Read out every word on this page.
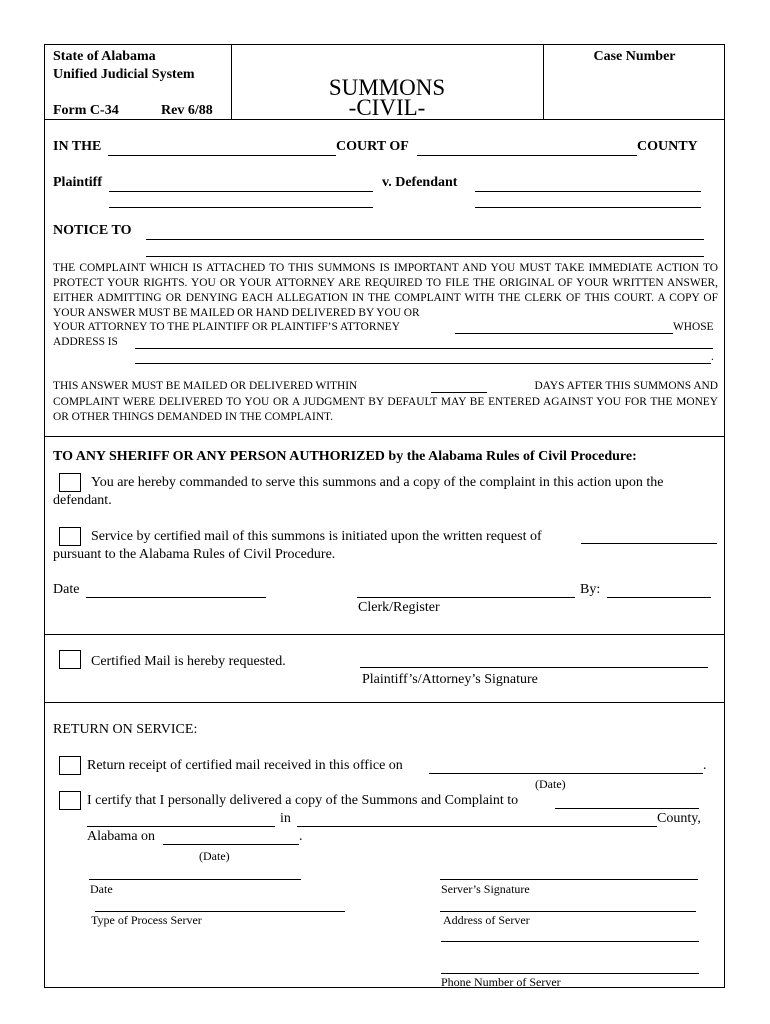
State of Alabama
Unified Judicial System
Form C-34	Rev 6/88
SUMMONS
-CIVIL-
Case Number
IN THE	COURT OF	COUNTY
Plaintiff	v. Defendant
NOTICE TO
THE COMPLAINT WHICH IS ATTACHED TO THIS SUMMONS IS IMPORTANT AND YOU MUST TAKE IMMEDIATE ACTION TO PROTECT YOUR RIGHTS. YOU OR YOUR ATTORNEY ARE REQUIRED TO FILE THE ORIGINAL OF YOUR WRITTEN ANSWER, EITHER ADMITTING OR DENYING EACH ALLEGATION IN THE COMPLAINT WITH THE CLERK OF THIS COURT. A COPY OF YOUR ANSWER MUST BE MAILED OR HAND DELIVERED BY YOU OR
YOUR ATTORNEY TO THE PLAINTIFF OR PLAINTIFF’S ATTORNEY	WHOSE
ADDRESS IS
.
THIS ANSWER MUST BE MAILED OR DELIVERED WITHIN	DAYS AFTER THIS SUMMONS AND
COMPLAINT WERE DELIVERED TO YOU OR A JUDGMENT BY DEFAULT MAY BE ENTERED AGAINST YOU FOR THE MONEY OR OTHER THINGS DEMANDED IN THE COMPLAINT.
TO ANY SHERIFF OR ANY PERSON AUTHORIZED by the Alabama Rules of Civil Procedure:
You are hereby commanded to serve this summons and a copy of the complaint in this action upon the
defendant.
Service by certified mail of this summons is initiated upon the written request of
pursuant to the Alabama Rules of Civil Procedure.
Date	By:
Clerk/Register
Certified Mail is hereby requested.
Plaintiff’s/Attorney’s Signature
RETURN ON SERVICE:
Return receipt of certified mail received in this office on	.
(Date)
I certify that I personally delivered a copy of the Summons and Complaint to
in	County,
Alabama on	.
(Date)
Date	Server’s Signature
Type of Process Server	Address of Server
Phone Number of Server
